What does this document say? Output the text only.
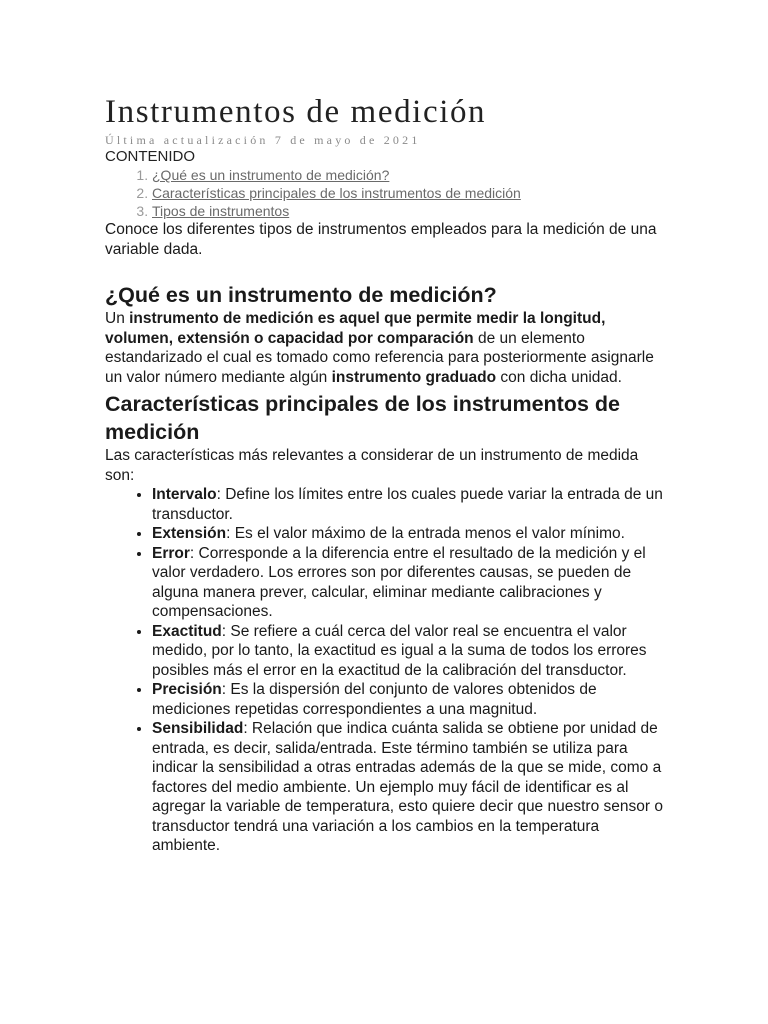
Instrumentos de medición
Última actualización 7 de mayo de 2021
CONTENIDO
1. ¿Qué es un instrumento de medición?
2. Características principales de los instrumentos de medición
3. Tipos de instrumentos

Conoce los diferentes tipos de instrumentos empleados para la medición de una variable dada.

¿Qué es un instrumento de medición?

Un instrumento de medición es aquel que permite medir la longitud, volumen, extensión o capacidad por comparación de un elemento estandarizado el cual es tomado como referencia para posteriormente asignarle un valor número mediante algún instrumento graduado con dicha unidad.

Características principales de los instrumentos de medición

Las características más relevantes a considerar de un instrumento de medida son:

• Intervalo: Define los límites entre los cuales puede variar la entrada de un transductor.
• Extensión: Es el valor máximo de la entrada menos el valor mínimo.
• Error: Corresponde a la diferencia entre el resultado de la medición y el valor verdadero. Los errores son por diferentes causas, se pueden de alguna manera prever, calcular, eliminar mediante calibraciones y compensaciones.
• Exactitud: Se refiere a cuál cerca del valor real se encuentra el valor medido, por lo tanto, la exactitud es igual a la suma de todos los errores posibles más el error en la exactitud de la calibración del transductor.
• Precisión: Es la dispersión del conjunto de valores obtenidos de mediciones repetidas correspondientes a una magnitud.
• Sensibilidad: Relación que indica cuánta salida se obtiene por unidad de entrada, es decir, salida/entrada. Este término también se utiliza para indicar la sensibilidad a otras entradas además de la que se mide, como a factores del medio ambiente. Un ejemplo muy fácil de identificar es al agregar la variable de temperatura, esto quiere decir que nuestro sensor o transductor tendrá una variación a los cambios en la temperatura ambiente.
